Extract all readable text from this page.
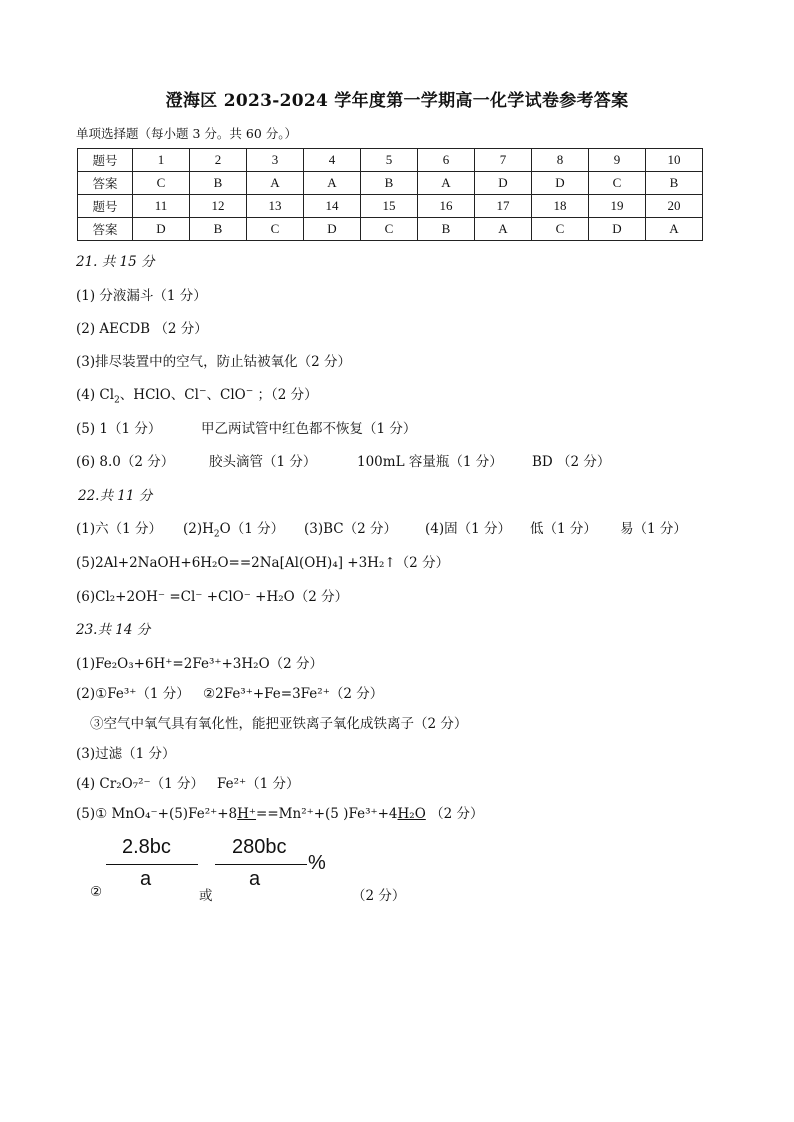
澄海区 2023-2024 学年度第一学期高一化学试卷参考答案
单项选择题（每小题 3 分。共 60 分。）
题号	1	2	3	4	5	6	7	8	9	10
答案	C	B	A	A	B	A	D	D	C	B
题号	11	12	13	14	15	16	17	18	19	20
答案	D	B	C	D	C	B	A	C	D	A
21. 共 15 分
(1) 分液漏斗（1 分）
(2) AECDB （2 分）
(3)排尽装置中的空气，防止钴被氧化（2 分）
(4) $Cl_2$、HClO、Cl−、ClO− ；（2 分）
(5) 1（1 分）	甲乙两试管中红色都不恢复（1 分）
(6) 8.0（2 分）	胶头滴管（1 分）	100mL 容量瓶（1 分） BD （2 分）
22.共 11 分
(1)六（1 分） $(2)H_2O(1$ 分） (3)BC（2 分） (4)固（1 分） 低（1 分） 易（1 分）
(5)2Al+2NaOH+6H₂O==2Na[Al(OH)₄] +3H₂↑（2 分）
(6)Cl₂+2OH⁻ =Cl⁻ +ClO⁻ +H₂O（2 分）
23.共 14 分
(1)Fe₂O₃+6H⁺=2Fe³⁺+3H₂O（2 分）
(2)①Fe³⁺（1 分） ②2Fe³⁺+Fe=3Fe²⁺（2 分）
③空气中氧气具有氧化性，能把亚铁离子氧化成铁离子（2 分）
(3)过滤（1 分）
(4) Cr₂O₇²⁻（1 分） Fe²⁺（1 分）
(5)① MnO₄⁻+(5)Fe²⁺+8H⁺==Mn²⁺+(5 )Fe³⁺+4H₂O （2 分）
2.8bc
a
280bc
a
%
②	或	（2 分）
